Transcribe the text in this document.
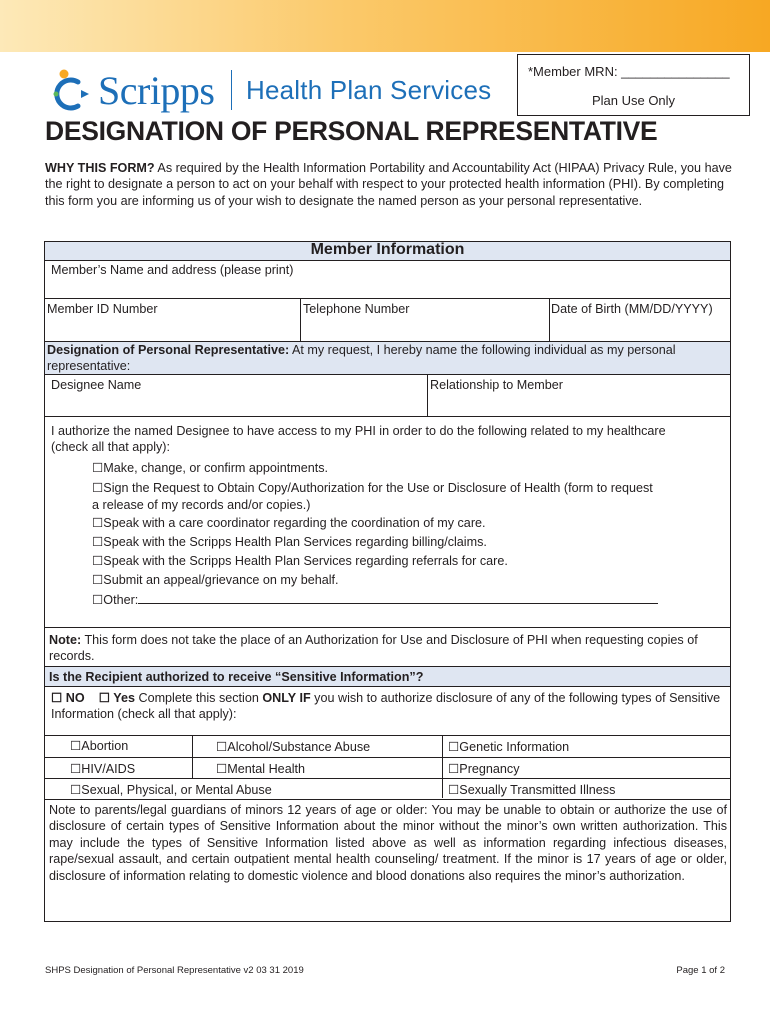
Scripps Health Plan Services
*Member MRN: _______________
Plan Use Only
DESIGNATION OF PERSONAL REPRESENTATIVE
WHY THIS FORM? As required by the Health Information Portability and Accountability Act (HIPAA) Privacy Rule, you have the right to designate a person to act on your behalf with respect to your protected health information (PHI). By completing this form you are informing us of your wish to designate the named person as your personal representative.
Member Information
Member’s Name and address (please print)
Member ID Number	Telephone Number	Date of Birth (MM/DD/YYYY)
Designation of Personal Representative: At my request, I hereby name the following individual as my personal representative:
Designee Name	Relationship to Member
I authorize the named Designee to have access to my PHI in order to do the following related to my healthcare (check all that apply):
☐Make, change, or confirm appointments.
☐Sign the Request to Obtain Copy/Authorization for the Use or Disclosure of Health (form to request
a release of my records and/or copies.)
☐Speak with a care coordinator regarding the coordination of my care.
☐Speak with the Scripps Health Plan Services regarding billing/claims.
☐Speak with the Scripps Health Plan Services regarding referrals for care.
☐Submit an appeal/grievance on my behalf.
☐Other:
Note: This form does not take the place of an Authorization for Use and Disclosure of PHI when requesting copies of records.
Is the Recipient authorized to receive “Sensitive Information”?
☐ NO ☐ Yes Complete this section ONLY IF you wish to authorize disclosure of any of the following types of Sensitive Information (check all that apply):
☐Abortion	☐Alcohol/Substance Abuse	☐Genetic Information
☐HIV/AIDS	☐Mental Health	☐Pregnancy
☐Sexual, Physical, or Mental Abuse	☐Sexually Transmitted Illness
Note to parents/legal guardians of minors 12 years of age or older: You may be unable to obtain or authorize the use of disclosure of certain types of Sensitive Information about the minor without the minor’s own written authorization. This may include the types of Sensitive Information listed above as well as information regarding infectious diseases, rape/sexual assault, and certain outpatient mental health counseling/ treatment. If the minor is 17 years of age or older, disclosure of information relating to domestic violence and blood donations also requires the minor’s authorization.
SHPS Designation of Personal Representative v2 03 31 2019	Page 1 of 2
